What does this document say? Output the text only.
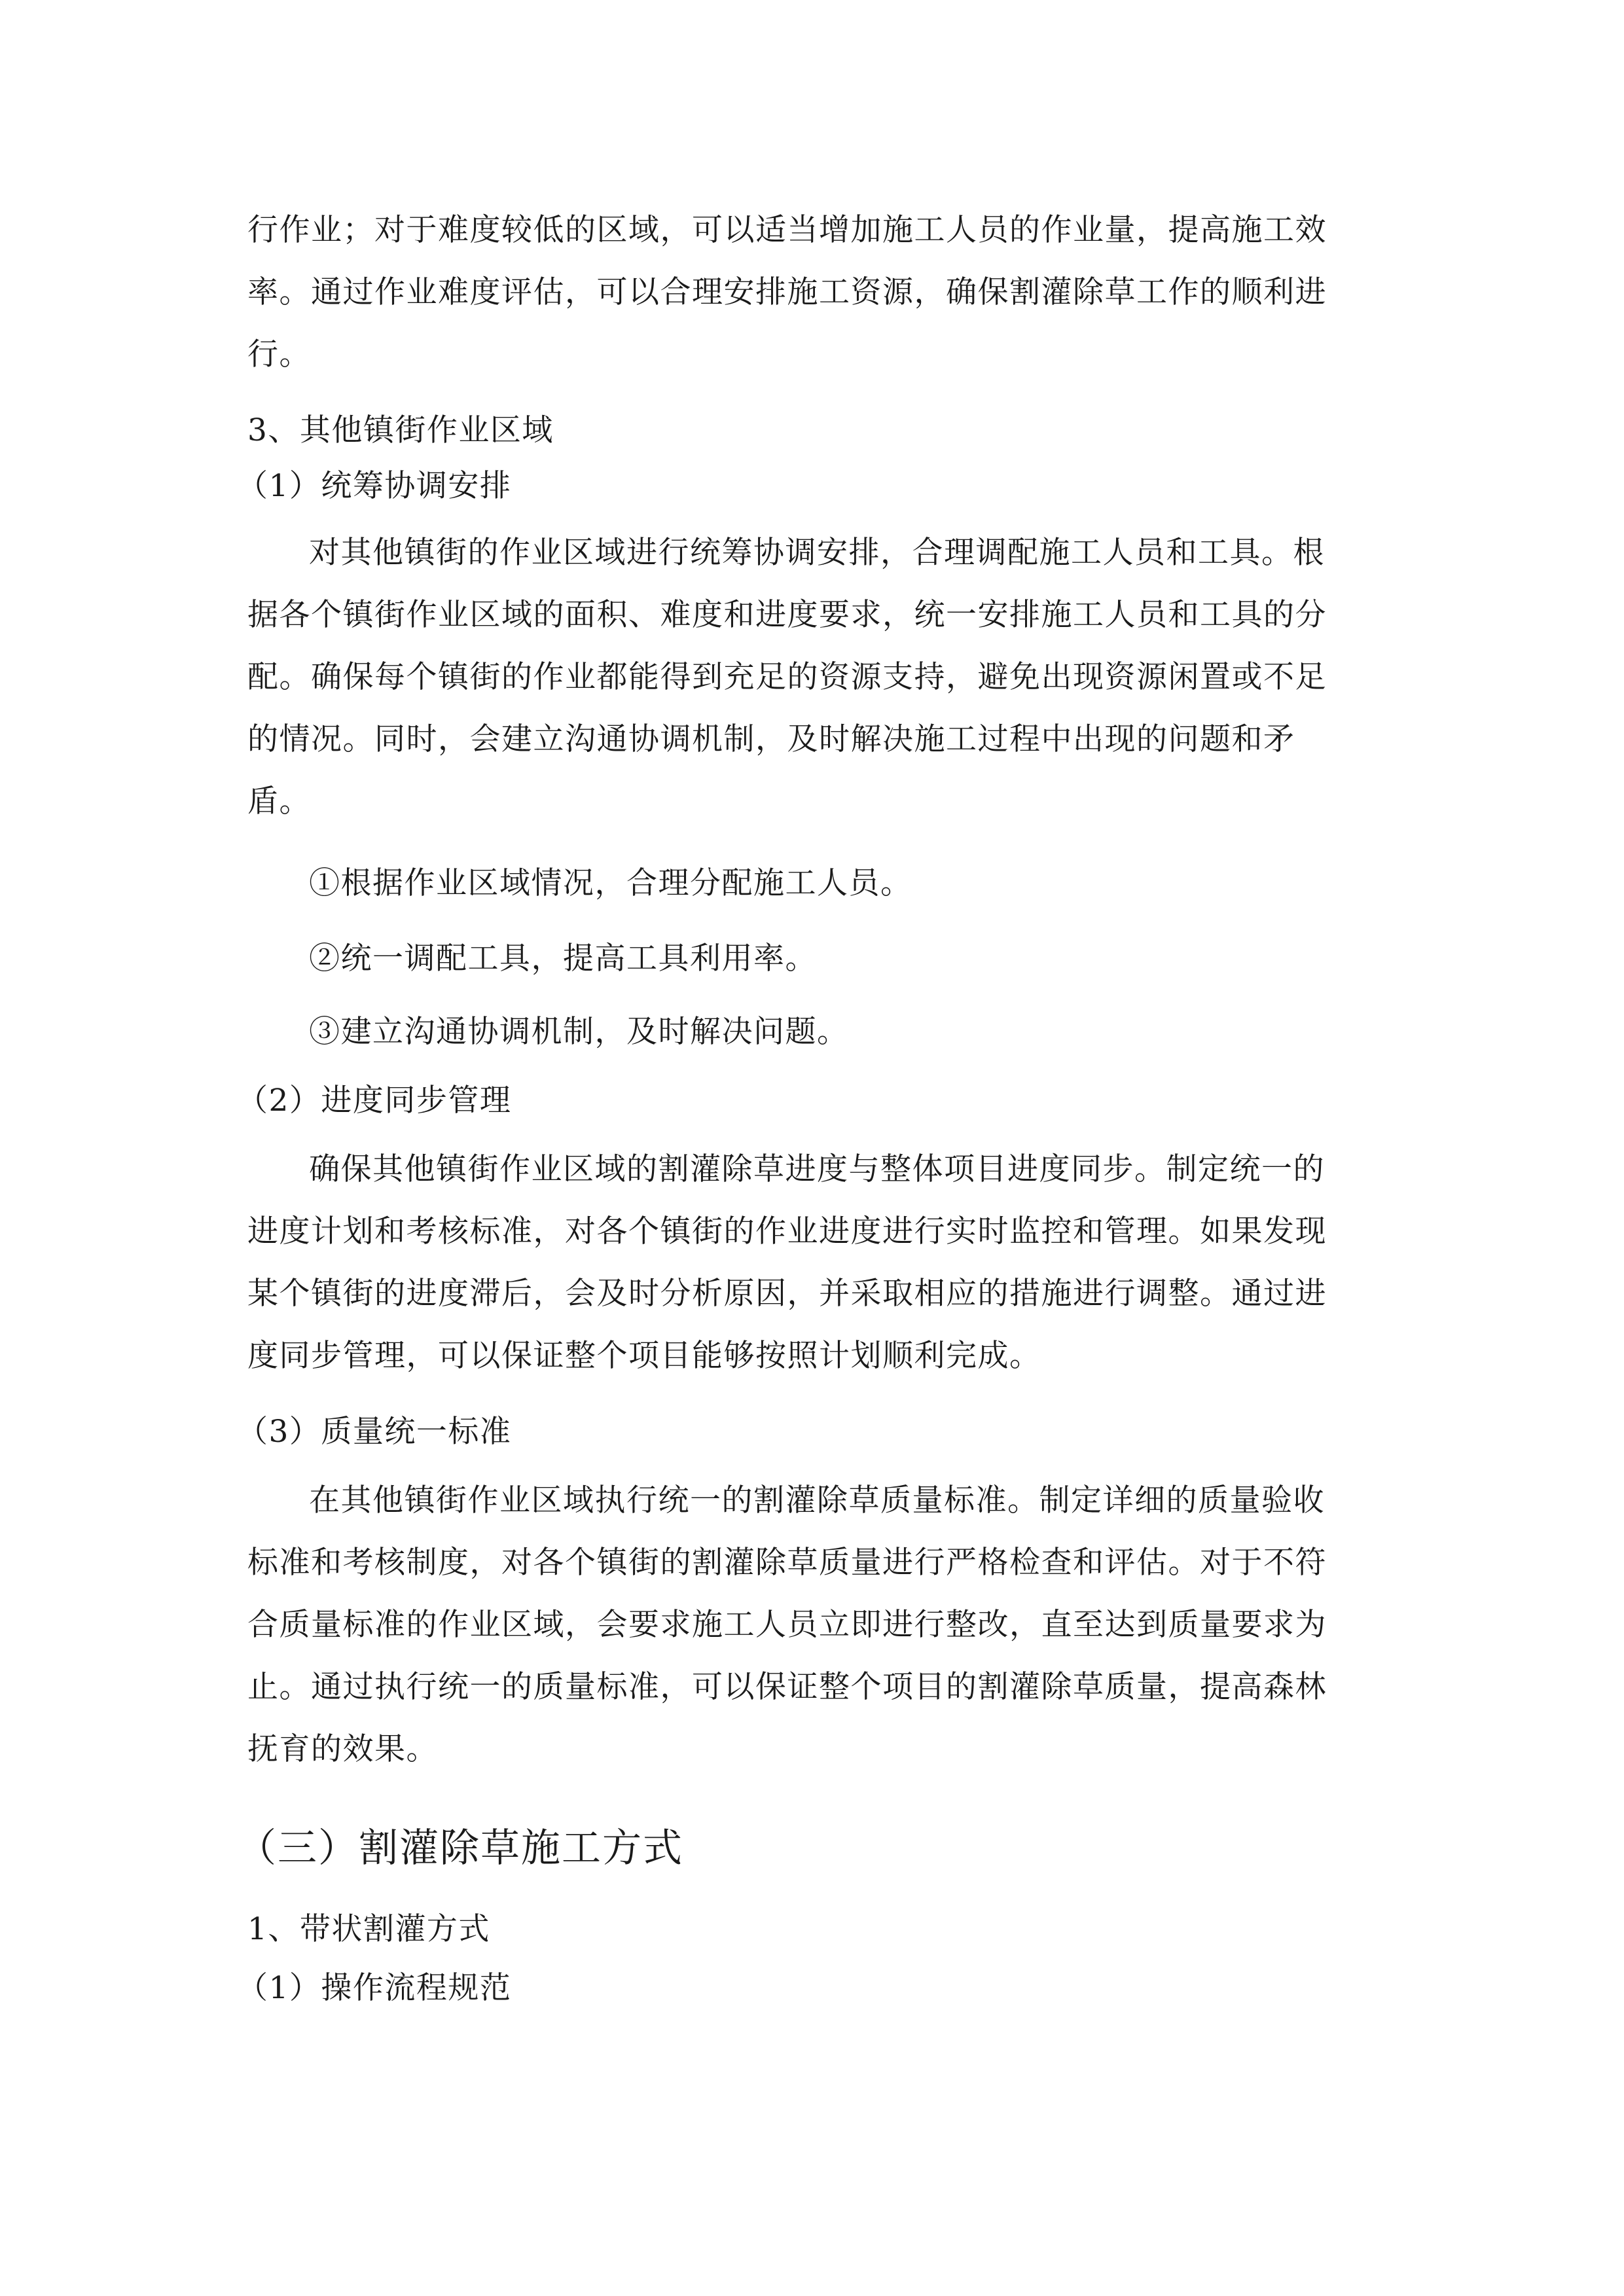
行作业；对于难度较低的区域，可以适当增加施工人员的作业量，提高施工效

率。通过作业难度评估，可以合理安排施工资源，确保割灌除草工作的顺利进

行。

3、其他镇街作业区域

（1）统筹协调安排

对其他镇街的作业区域进行统筹协调安排，合理调配施工人员和工具。根

据各个镇街作业区域的面积、难度和进度要求，统一安排施工人员和工具的分

配。确保每个镇街的作业都能得到充足的资源支持，避免出现资源闲置或不足

的情况。同时，会建立沟通协调机制，及时解决施工过程中出现的问题和矛

盾。

①根据作业区域情况，合理分配施工人员。

②统一调配工具，提高工具利用率。

③建立沟通协调机制，及时解决问题。

（2）进度同步管理

确保其他镇街作业区域的割灌除草进度与整体项目进度同步。制定统一的

进度计划和考核标准，对各个镇街的作业进度进行实时监控和管理。如果发现

某个镇街的进度滞后，会及时分析原因，并采取相应的措施进行调整。通过进

度同步管理，可以保证整个项目能够按照计划顺利完成。

（3）质量统一标准

在其他镇街作业区域执行统一的割灌除草质量标准。制定详细的质量验收

标准和考核制度，对各个镇街的割灌除草质量进行严格检查和评估。对于不符

合质量标准的作业区域，会要求施工人员立即进行整改，直至达到质量要求为

止。通过执行统一的质量标准，可以保证整个项目的割灌除草质量，提高森林

抚育的效果。

（三）割灌除草施工方式

1、带状割灌方式

（1）操作流程规范
